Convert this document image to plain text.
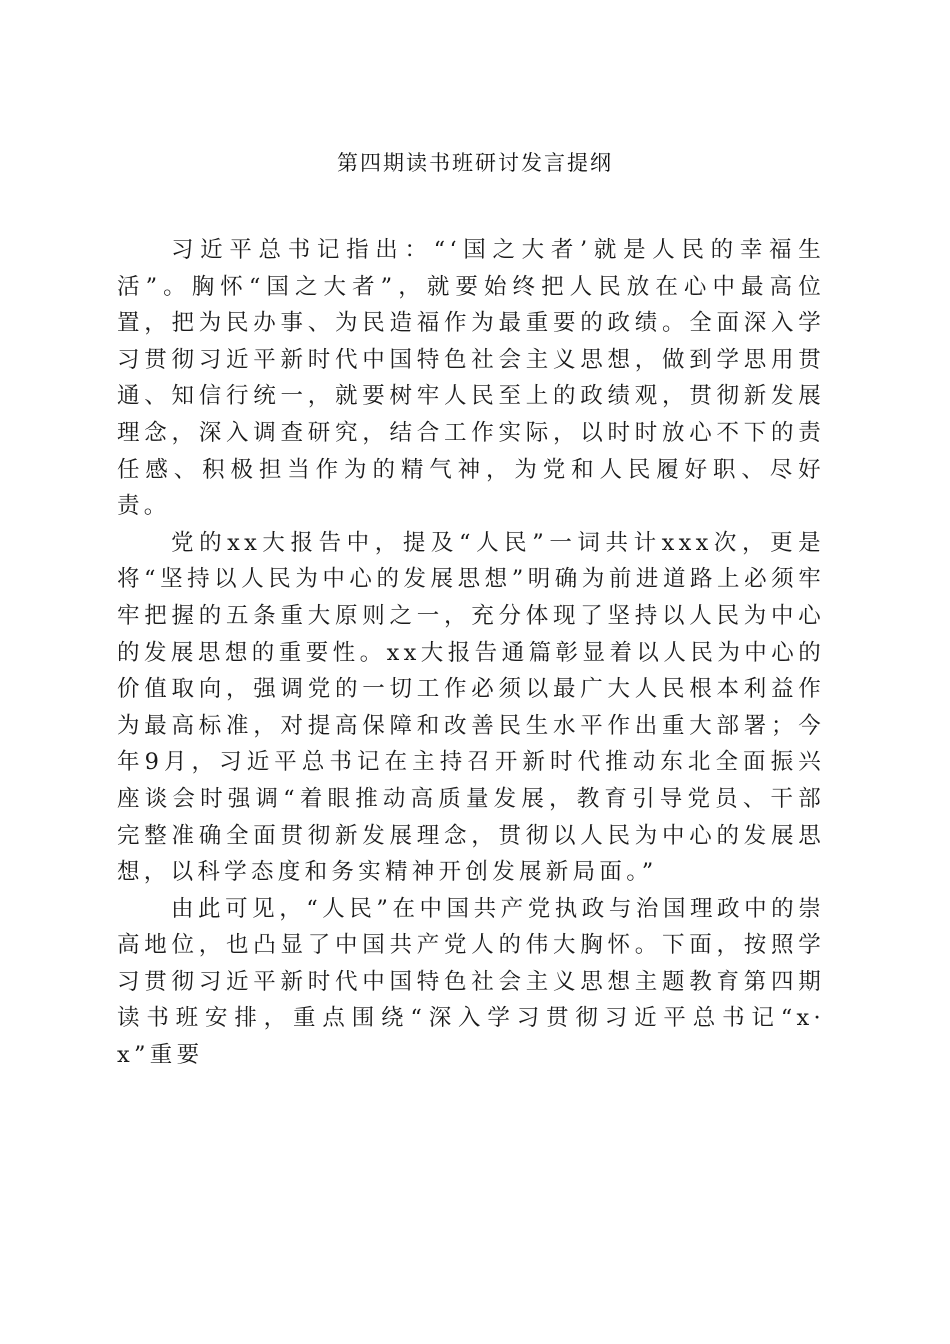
第四期读书班研讨发言提纲

习近平总书记指出：“‘国之大者’就是人民的幸福生活”。胸怀“国之大者”，就要始终把人民放在心中最高位置，把为民办事、为民造福作为最重要的政绩。全面深入学习贯彻习近平新时代中国特色社会主义思想，做到学思用贯通、知信行统一，就要树牢人民至上的政绩观，贯彻新发展理念，深入调查研究，结合工作实际，以时时放心不下的责任感、积极担当作为的精气神，为党和人民履好职、尽好责。

党的xx大报告中，提及“人民”一词共计xxx次，更是将“坚持以人民为中心的发展思想”明确为前进道路上必须牢牢把握的五条重大原则之一，充分体现了坚持以人民为中心的发展思想的重要性。xx大报告通篇彰显着以人民为中心的价值取向，强调党的一切工作必须以最广大人民根本利益作为最高标准，对提高保障和改善民生水平作出重大部署；今年9月，习近平总书记在主持召开新时代推动东北全面振兴座谈会时强调“着眼推动高质量发展，教育引导党员、干部完整准确全面贯彻新发展理念，贯彻以人民为中心的发展思想，以科学态度和务实精神开创发展新局面。”

由此可见，“人民”在中国共产党执政与治国理政中的崇高地位，也凸显了中国共产党人的伟大胸怀。下面，按照学习贯彻习近平新时代中国特色社会主义思想主题教育第四期读书班安排，重点围绕“深入学习贯彻习近平总书记“x·x”重要
